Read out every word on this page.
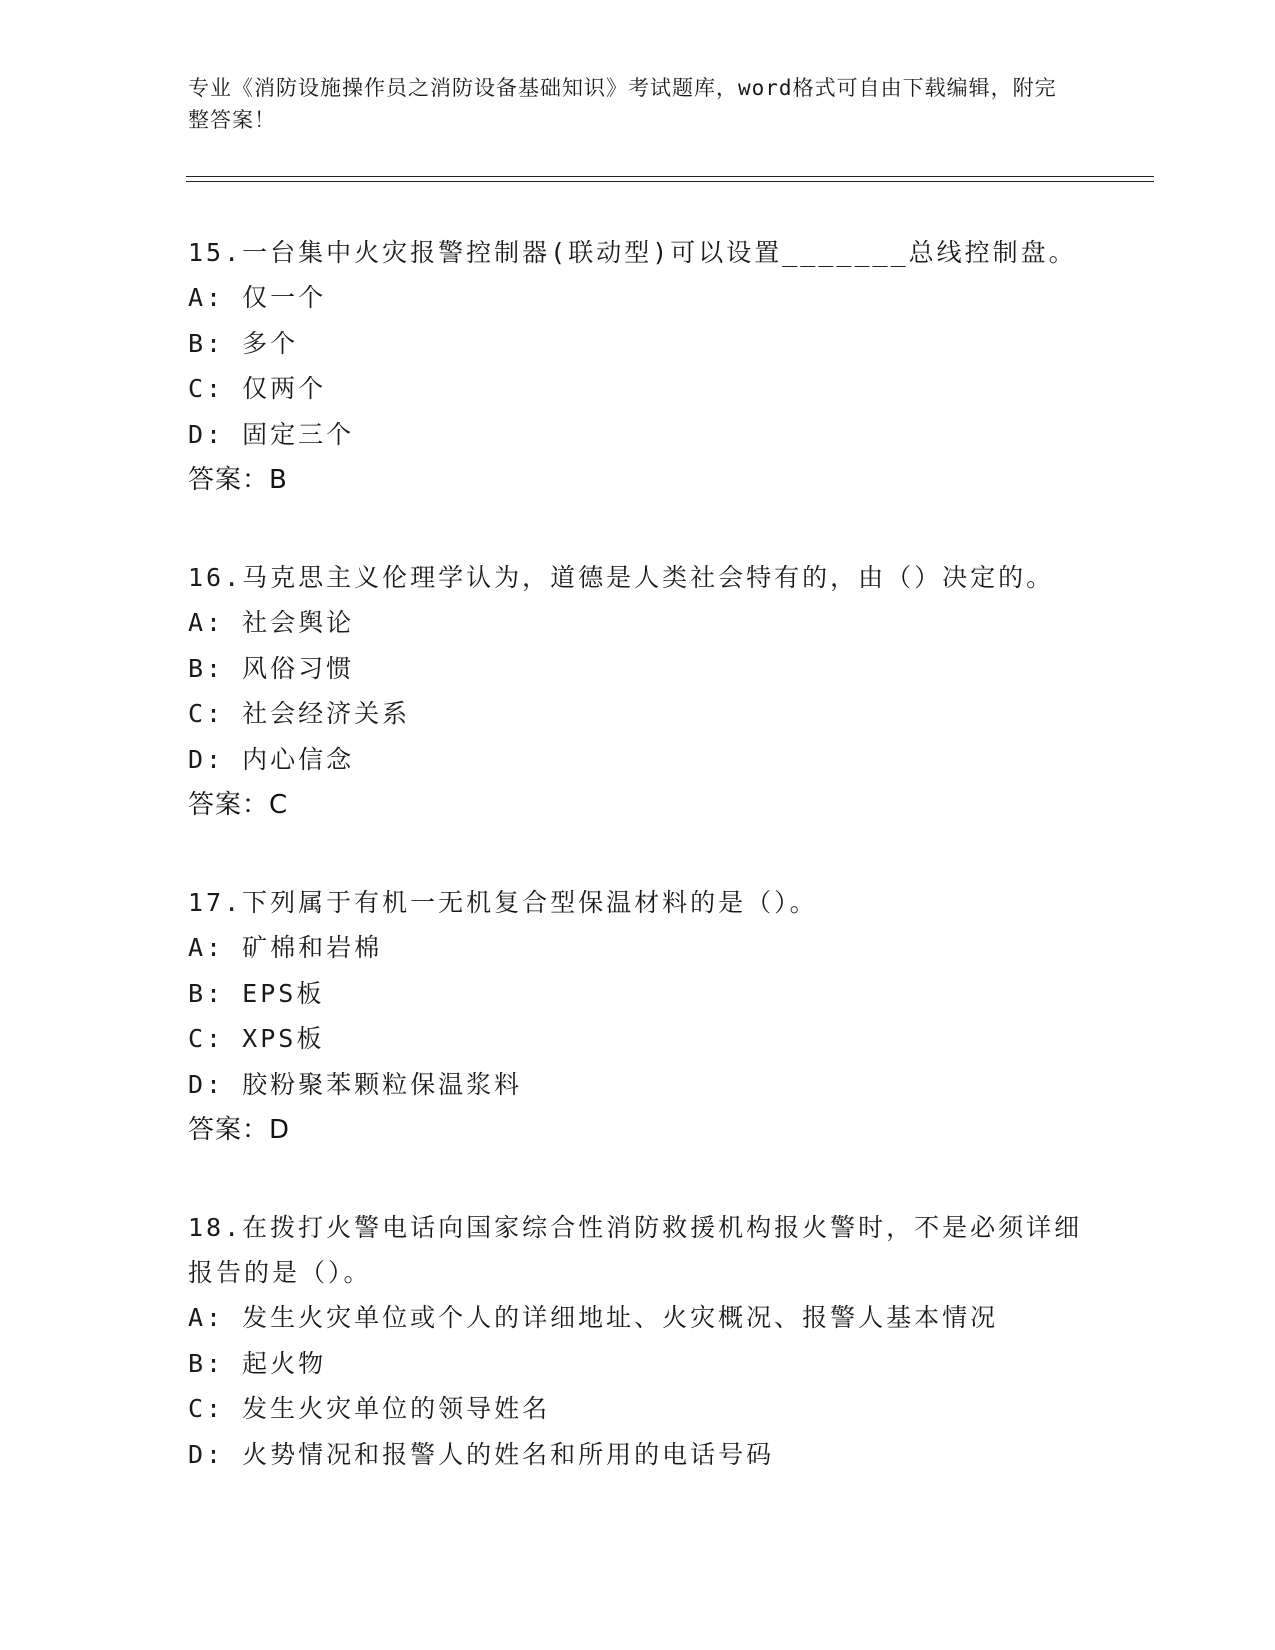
专业《消防设施操作员之消防设备基础知识》考试题库，word格式可自由下载编辑，附完整答案！

15.一台集中火灾报警控制器(联动型)可以设置_______总线控制盘。

A: 仅一个

B: 多个

C: 仅两个

D: 固定三个

答案：B

16.马克思主义伦理学认为，道德是人类社会特有的，由（）决定的。

A: 社会舆论

B: 风俗习惯

C: 社会经济关系

D: 内心信念

答案：C

17.下列属于有机一无机复合型保温材料的是（）。

A: 矿棉和岩棉

B: EPS板

C: XPS板

D: 胶粉聚苯颗粒保温浆料

答案：D

18.在拨打火警电话向国家综合性消防救援机构报火警时，不是必须详细报告的是（）。

A: 发生火灾单位或个人的详细地址、火灾概况、报警人基本情况

B: 起火物

C: 发生火灾单位的领导姓名

D: 火势情况和报警人的姓名和所用的电话号码
